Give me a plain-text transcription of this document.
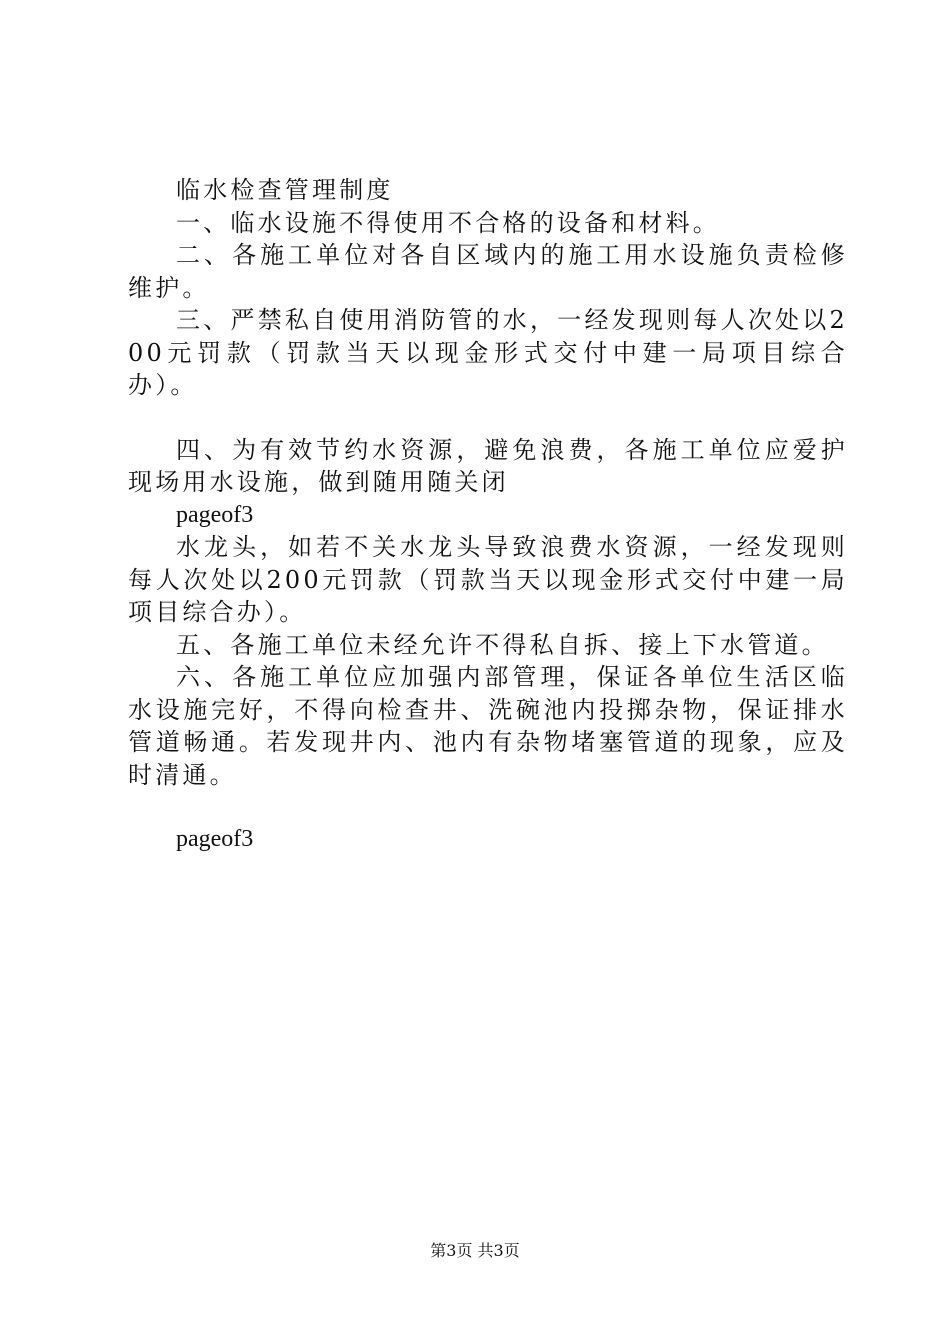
临水检查管理制度

一、临水设施不得使用不合格的设备和材料。

二、各施工单位对各自区域内的施工用水设施负责检修维护。

三、严禁私自使用消防管的水，一经发现则每人次处以200元罚款（罚款当天以现金形式交付中建一局项目综合办）。

四、为有效节约水资源，避免浪费，各施工单位应爱护现场用水设施，做到随用随关闭

pageof3

水龙头，如若不关水龙头导致浪费水资源，一经发现则每人次处以200元罚款（罚款当天以现金形式交付中建一局项目综合办）。

五、各施工单位未经允许不得私自拆、接上下水管道。

六、各施工单位应加强内部管理，保证各单位生活区临水设施完好，不得向检查井、洗碗池内投掷杂物，保证排水管道畅通。若发现井内、池内有杂物堵塞管道的现象，应及时清通。

pageof3

第3页 共3页
